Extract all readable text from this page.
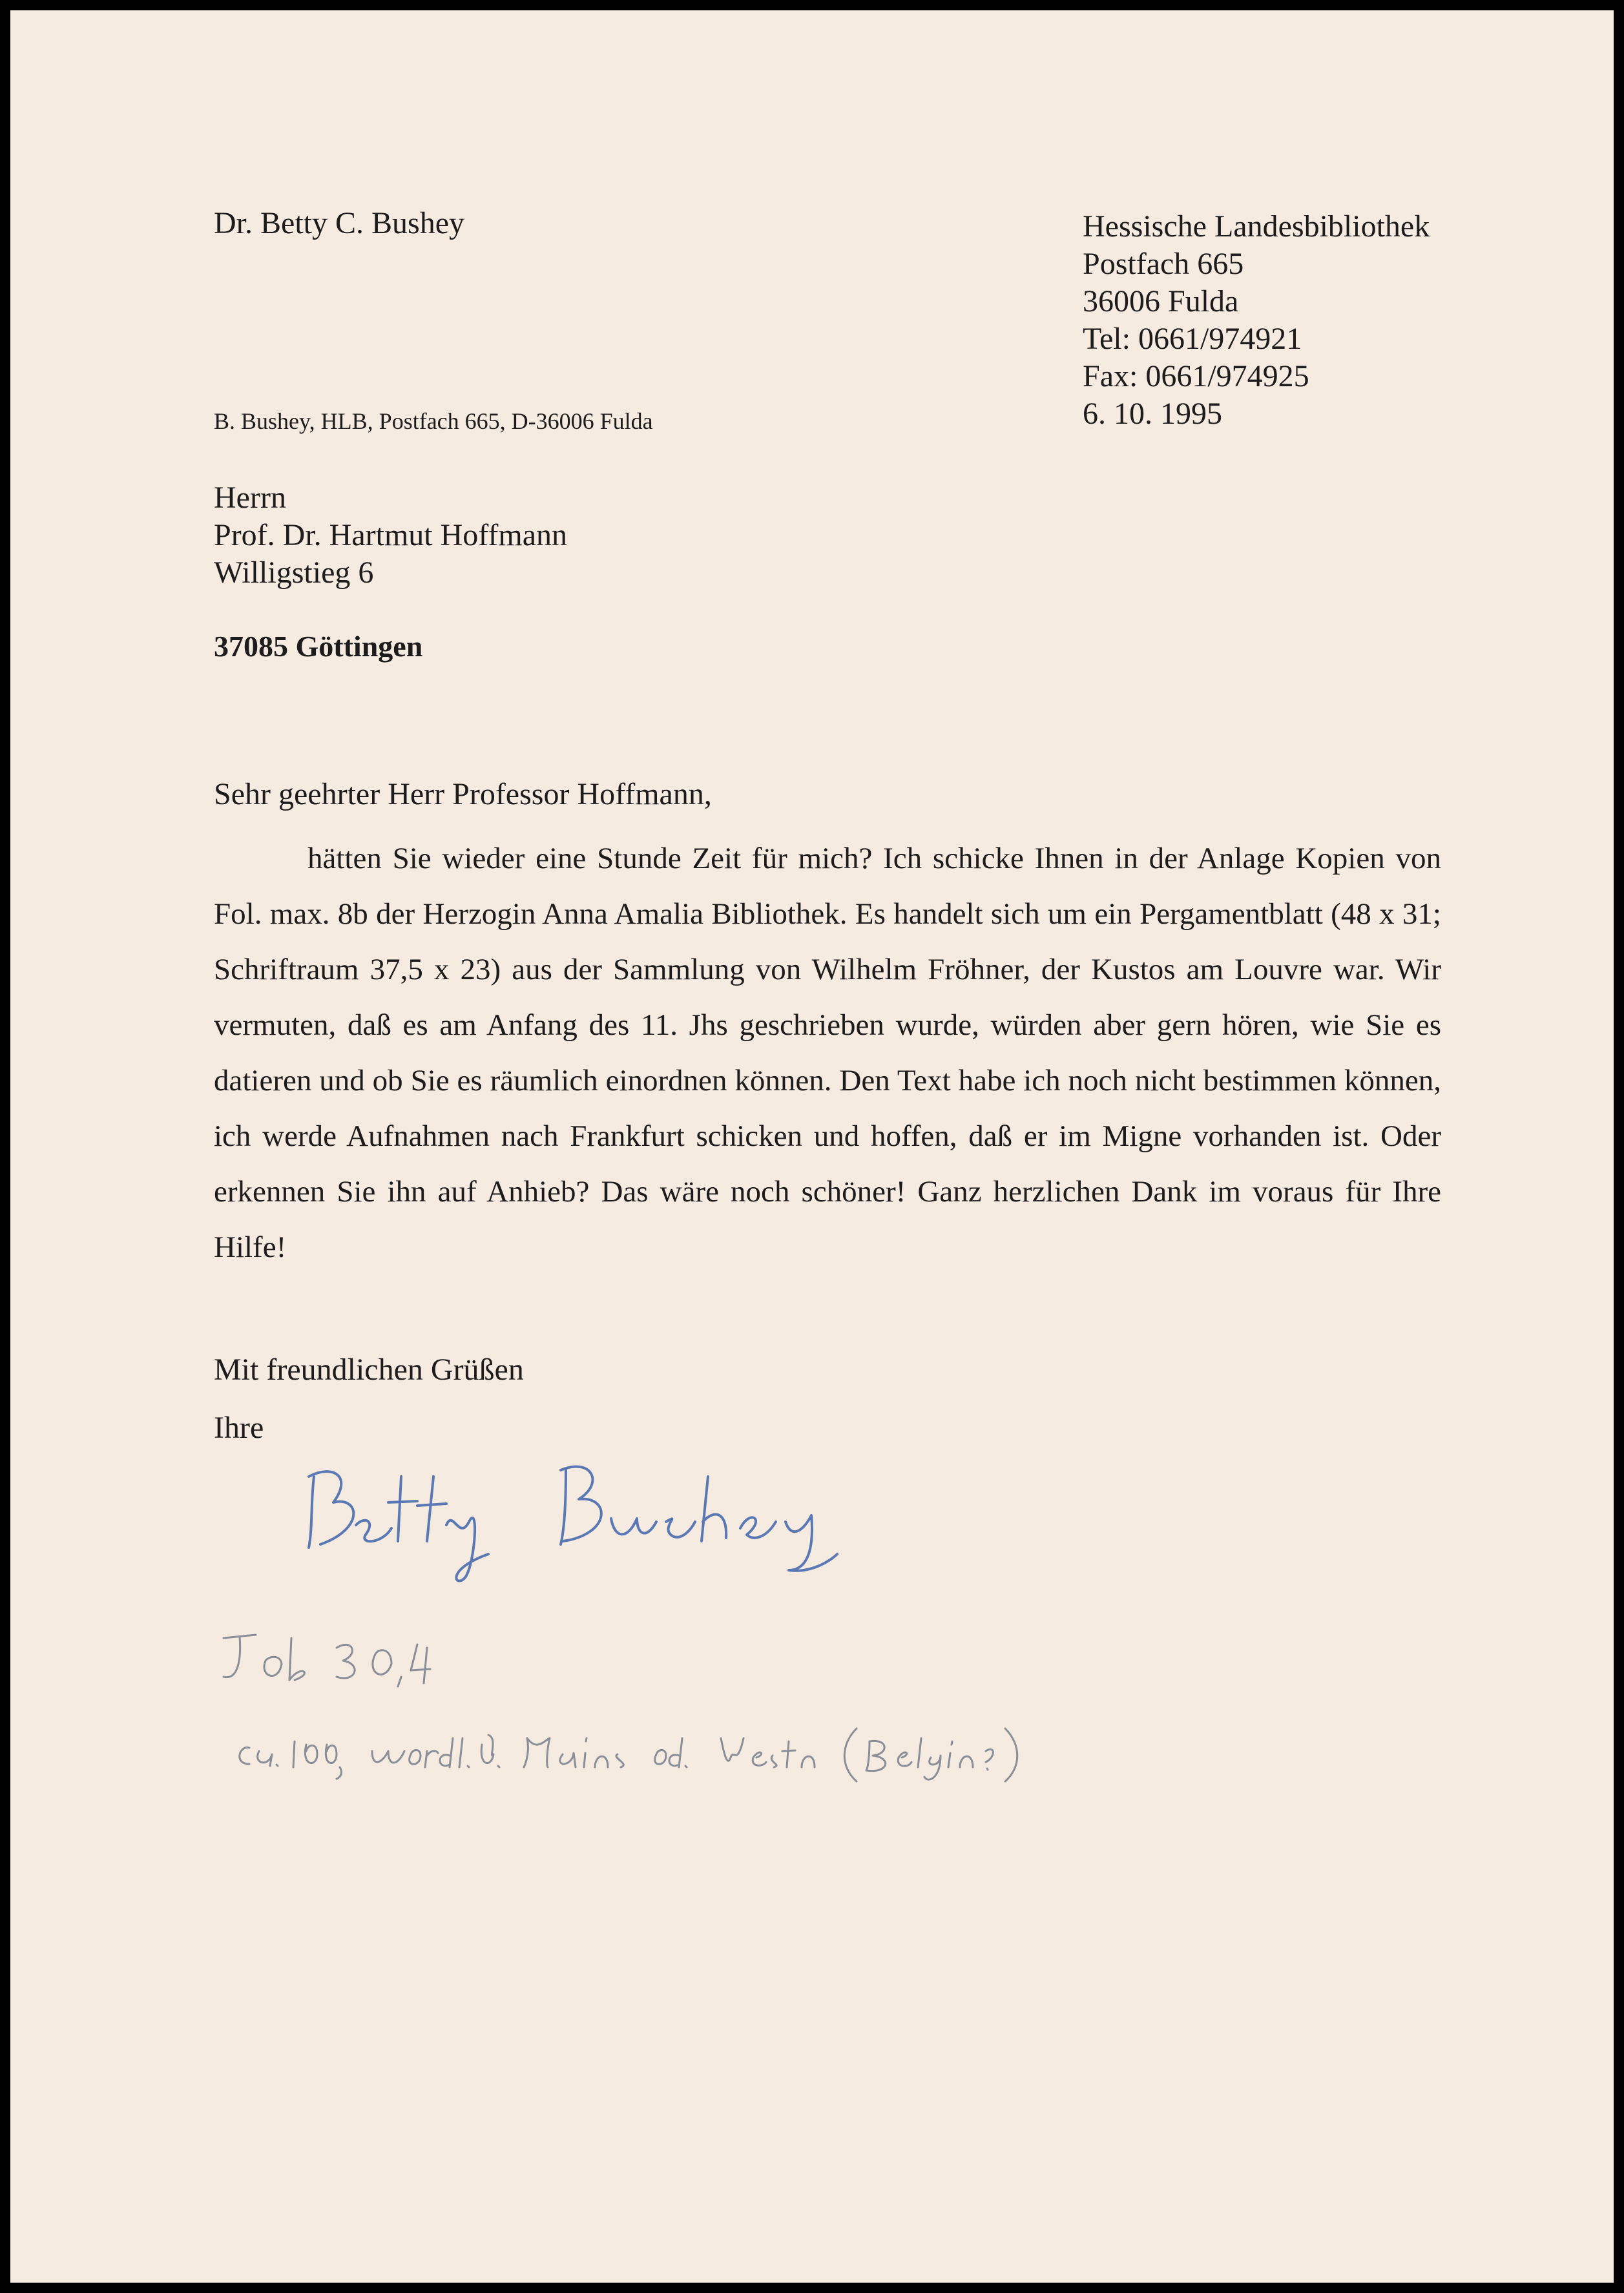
Dr. Betty C. Bushey	Hessische Landesbibliothek
Postfach 665
36006 Fulda
Tel: 0661/974921
Fax: 0661/974925
6. 10. 1995
B. Bushey, HLB, Postfach 665, D-36006 Fulda
Herrn
Prof. Dr. Hartmut Hoffmann
Willigstieg 6
37085 Göttingen
Sehr geehrter Herr Professor Hoffmann,
hätten Sie wieder eine Stunde Zeit für mich? Ich schicke Ihnen in der Anlage Kopien von Fol. max. 8b der Herzogin Anna Amalia Bibliothek. Es handelt sich um ein Pergamentblatt (48 x 31; Schriftraum 37,5 x 23) aus der Sammlung von Wilhelm Fröhner, der Kustos am Louvre war. Wir vermuten, daß es am Anfang des 11. Jhs geschrieben wurde, würden aber gern hören, wie Sie es datieren und ob Sie es räumlich einordnen können. Den Text habe ich noch nicht bestimmen können, ich werde Aufnahmen nach Frankfurt schicken und hoffen, daß er im Migne vorhanden ist. Oder erkennen Sie ihn auf Anhieb? Das wäre noch schöner! Ganz herzlichen Dank im voraus für Ihre Hilfe!
Mit freundlichen Grüßen
Ihre
